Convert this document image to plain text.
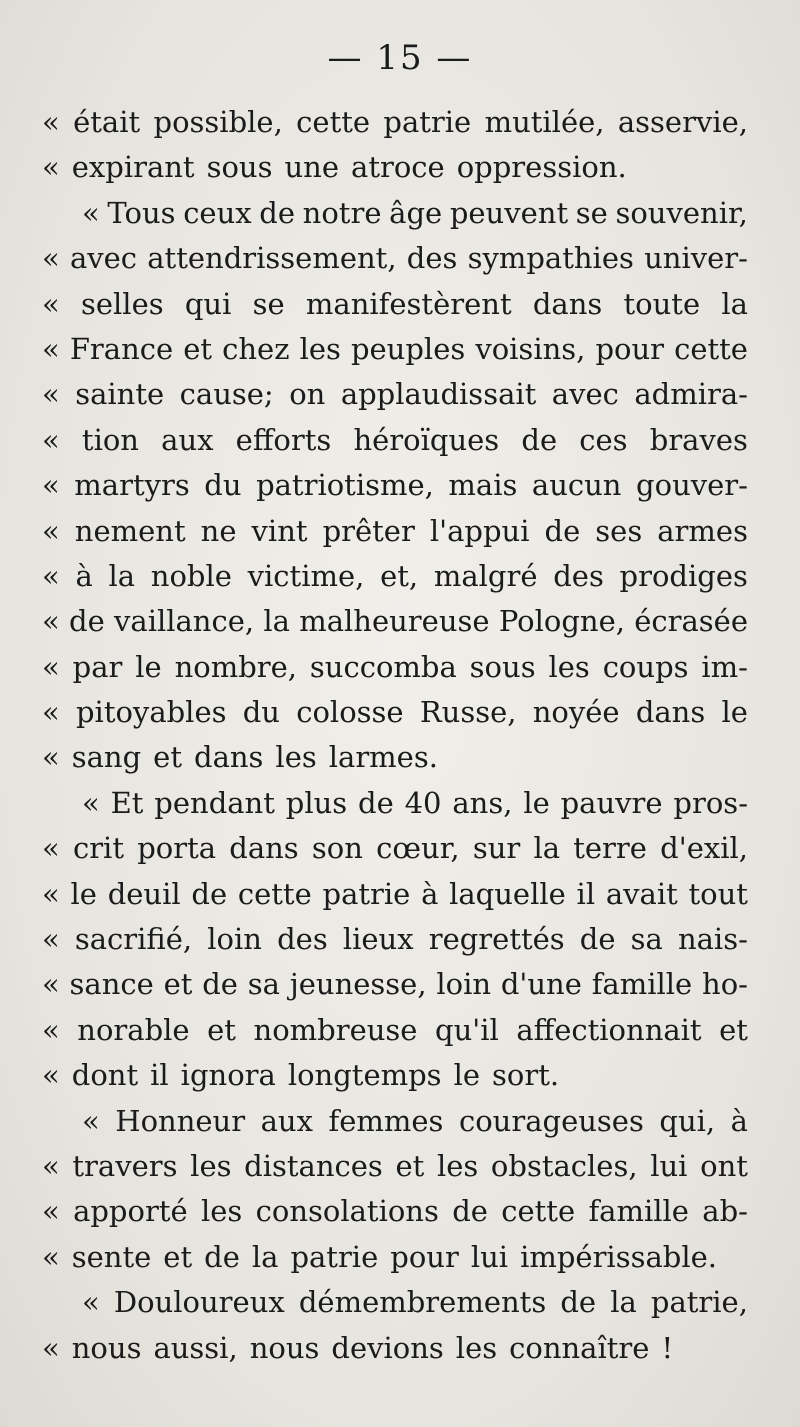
— 15 —
« était possible, cette patrie mutilée, asservie,
« expirant sous une atroce oppression.
« Tous ceux de notre âge peuvent se souvenir,
« avec attendrissement, des sympathies univer-
« selles qui se manifestèrent dans toute la
« France et chez les peuples voisins, pour cette
« sainte cause; on applaudissait avec admira-
« tion aux efforts héroïques de ces braves
« martyrs du patriotisme, mais aucun gouver-
« nement ne vint prêter l'appui de ses armes
« à la noble victime, et, malgré des prodiges
« de vaillance, la malheureuse Pologne, écrasée
« par le nombre, succomba sous les coups im-
« pitoyables du colosse Russe, noyée dans le
« sang et dans les larmes.
« Et pendant plus de 40 ans, le pauvre pros-
« crit porta dans son cœur, sur la terre d'exil,
« le deuil de cette patrie à laquelle il avait tout
« sacrifié, loin des lieux regrettés de sa nais-
« sance et de sa jeunesse, loin d'une famille ho-
« norable et nombreuse qu'il affectionnait et
« dont il ignora longtemps le sort.
« Honneur aux femmes courageuses qui, à
« travers les distances et les obstacles, lui ont
« apporté les consolations de cette famille ab-
« sente et de la patrie pour lui impérissable.
« Douloureux démembrements de la patrie,
« nous aussi, nous devions les connaître !
